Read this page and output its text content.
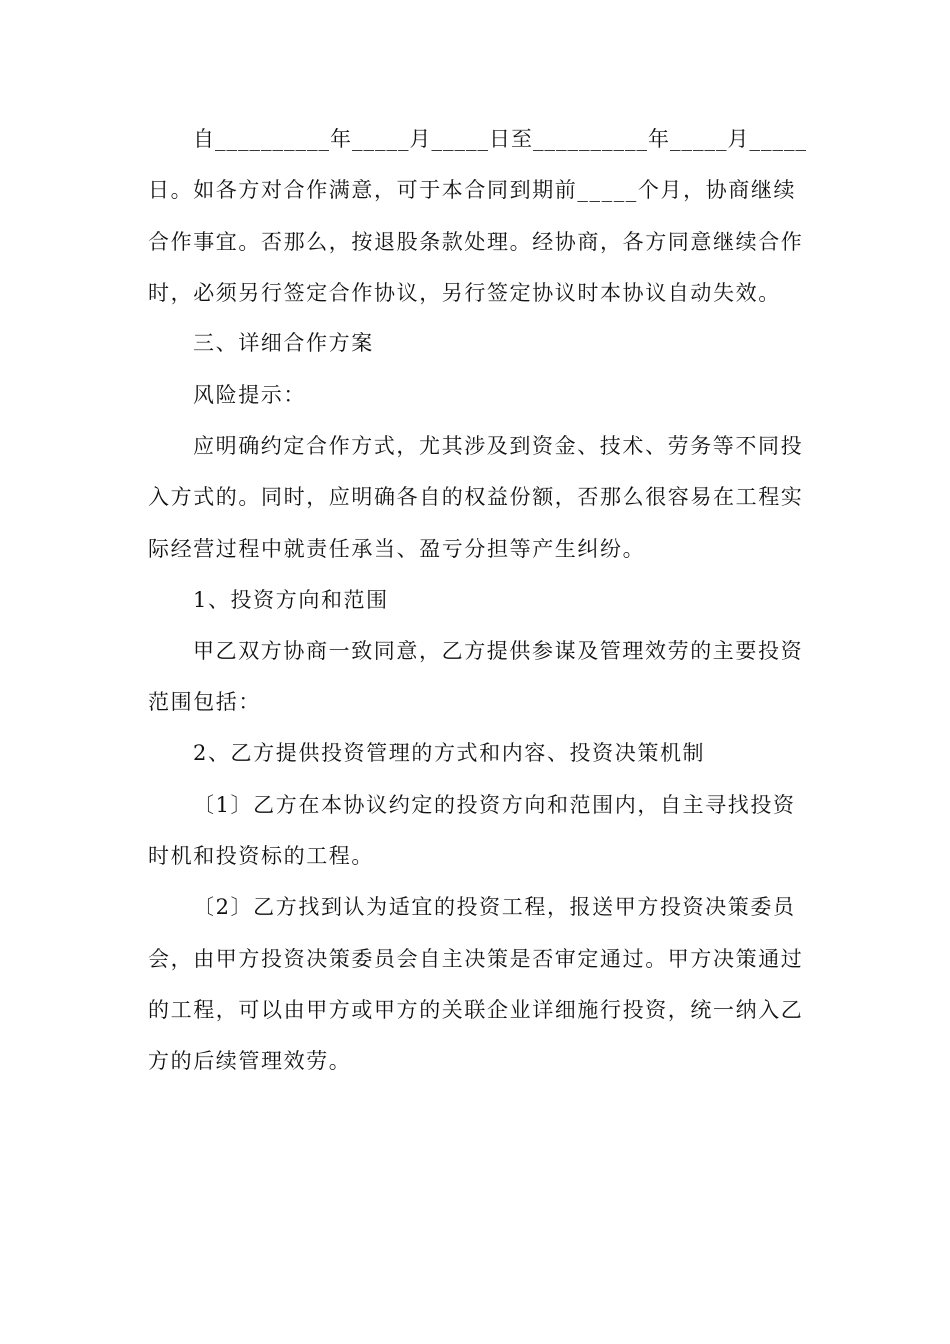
自__________年_____月_____日至__________年_____月_____
日。如各方对合作满意，可于本合同到期前_____个月，协商继续
合作事宜。否那么，按退股条款处理。经协商，各方同意继续合作
时，必须另行签定合作协议，另行签定协议时本协议自动失效。
三、详细合作方案
风险提示：
应明确约定合作方式，尤其涉及到资金、技术、劳务等不同投
入方式的。同时，应明确各自的权益份额，否那么很容易在工程实
际经营过程中就责任承当、盈亏分担等产生纠纷。
1、投资方向和范围
甲乙双方协商一致同意，乙方提供参谋及管理效劳的主要投资
范围包括：
2、乙方提供投资管理的方式和内容、投资决策机制
〔1〕乙方在本协议约定的投资方向和范围内，自主寻找投资
时机和投资标的工程。
〔2〕乙方找到认为适宜的投资工程，报送甲方投资决策委员
会，由甲方投资决策委员会自主决策是否审定通过。甲方决策通过
的工程，可以由甲方或甲方的关联企业详细施行投资，统一纳入乙
方的后续管理效劳。
